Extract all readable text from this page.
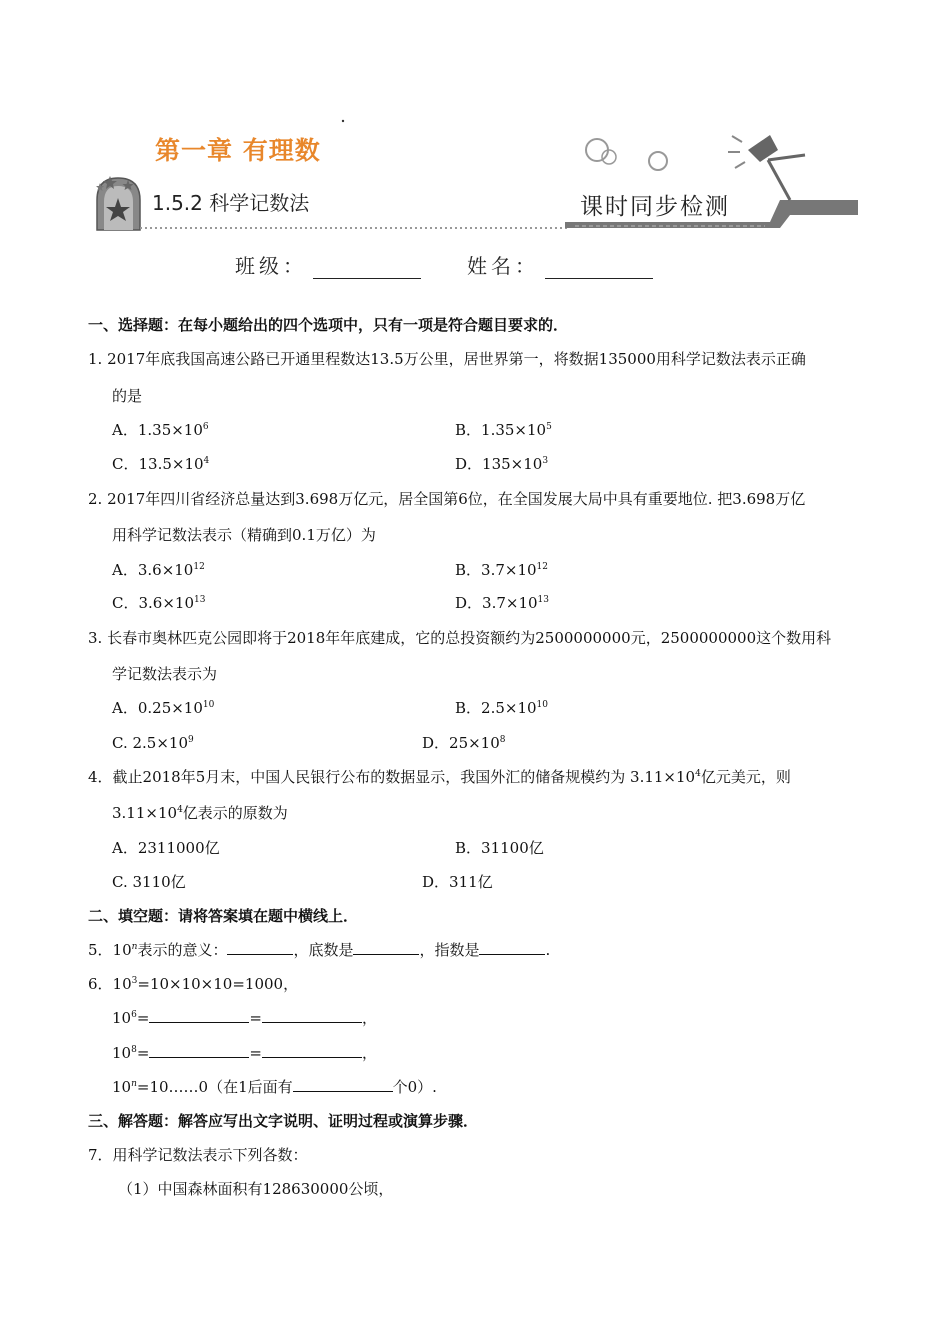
第一章 有理数
1.5.2 科学记数法	课时同步检测
班级：	姓名：
一、选择题：在每小题给出的四个选项中，只有一项是符合题目要求的．
1. 2017年底我国高速公路已开通里程数达13.5万公里，居世界第一，将数据135000用科学记数法表示正确
的是
A．$1.35\times 10^6$	B．$1.35\times 10^5$
C．$13.5\times 10^4$	D．$135\times 10^3$
2. 2017年四川省经济总量达到3.698万亿元，居全国第6位，在全国发展大局中具有重要地位. 把3.698万亿
用科学记数法表示（精确到0.1万亿）为
A．$3.6\times 10^{12}$	B．$3.7\times 10^{12}$
C．$3.6\times 10^{13}$	D．$3.7\times 10^{13}$
3. 长春市奥林匹克公园即将于2018年年底建成，它的总投资额约为2500000000元，2500000000这个数用科
学记数法表示为
A．$0.25\times 10^{10}$	B．$2.5\times 10^{10}$
C. $2.5\times 10^9$	D．$25\times 10^8$
4．截止2018年5月末，中国人民银行公布的数据显示，我国外汇的储备规模约为 $3.11\times 10^4$亿元美元，则
$3.11\times 10^4$亿表示的原数为
A．2311000亿	B．31100亿
C. 3110亿	D．311亿
二、填空题：请将答案填在题中横线上．
5．10$^n$表示的意义：	，底数是	，指数是	.
6．$10^3=10\times 10\times 10=1000$，
$10^6=$	=	，
$10^8=$	=	，
$10^n=10\dots\dots 0$（在1后面有	个0）.
三、解答题：解答应写出文字说明、证明过程或演算步骤．
7．用科学记数法表示下列各数：
（1）中国森林面积有128630000公顷，
